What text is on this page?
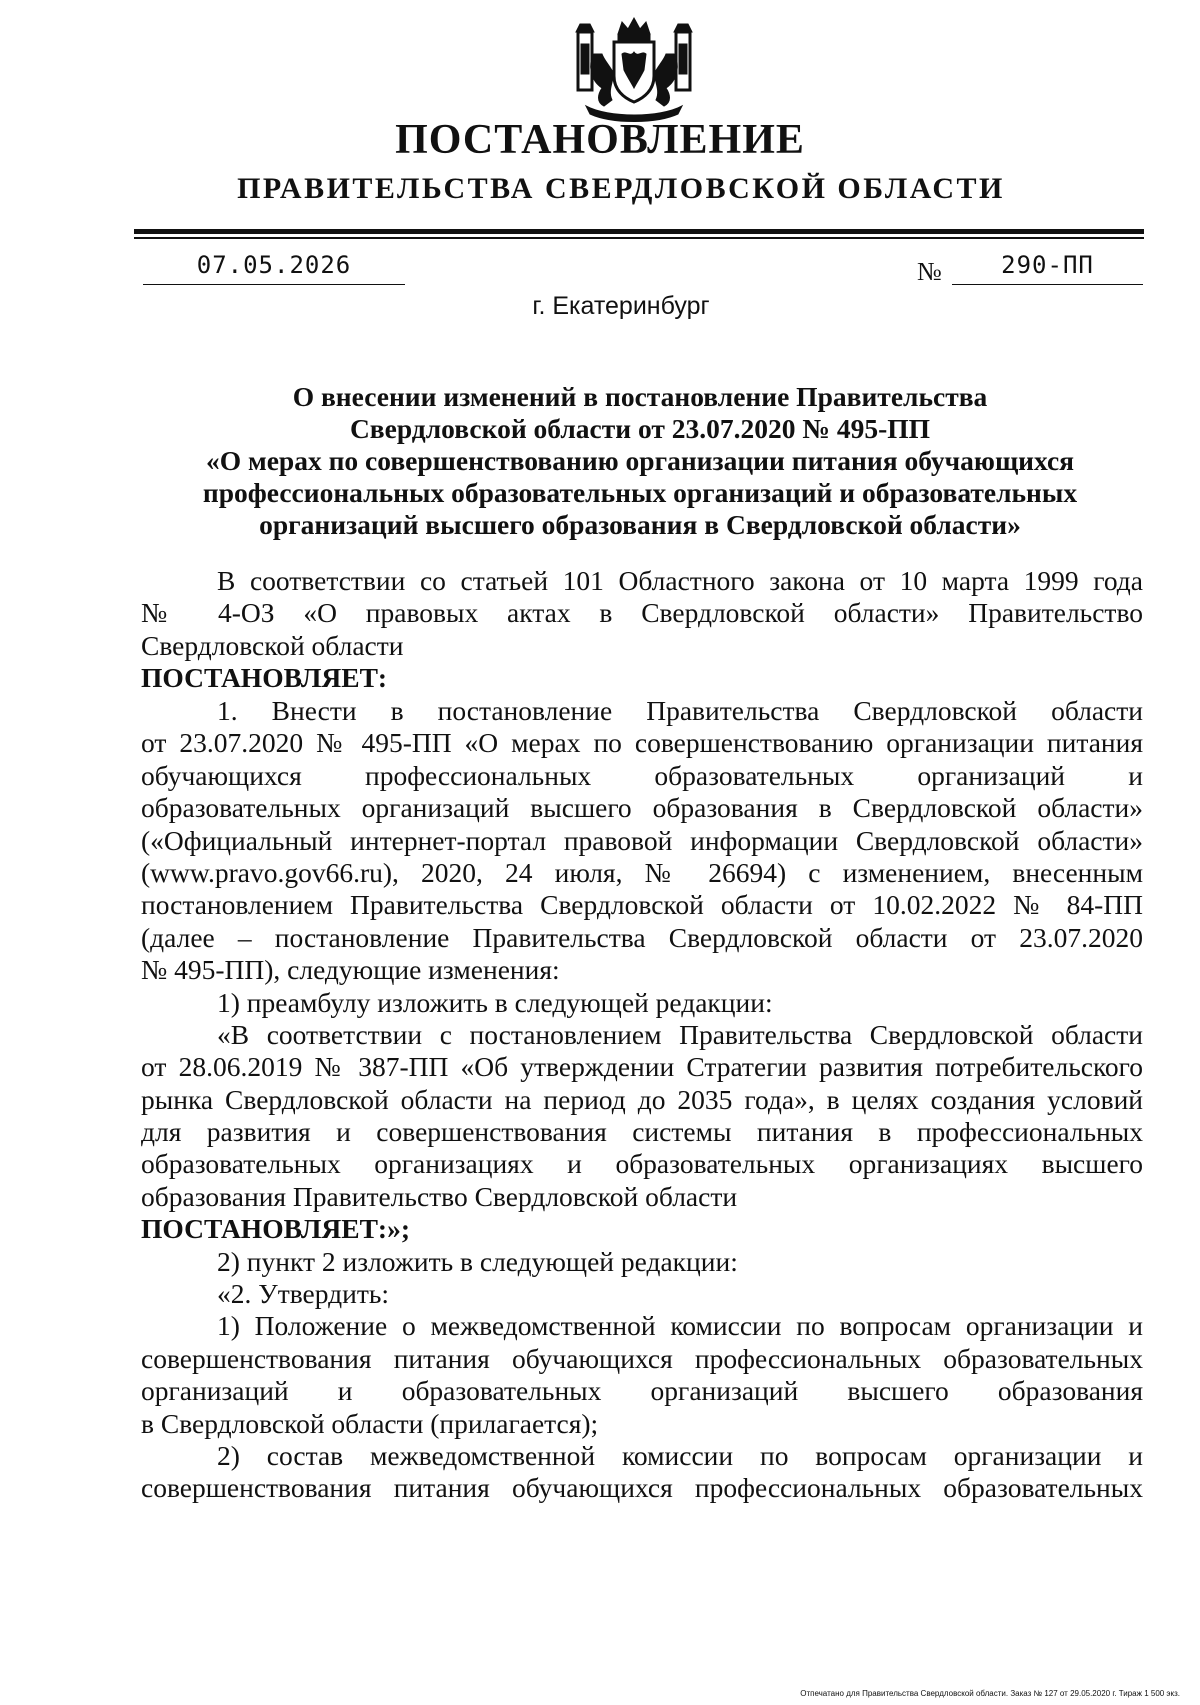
ПОСТАНОВЛЕНИЕ
ПРАВИТЕЛЬСТВА СВЕРДЛОВСКОЙ ОБЛАСТИ
07.05.2026	№	290-ПП
г. Екатеринбург
О внесении изменений в постановление Правительства
Свердловской области от 23.07.2020 № 495-ПП
«О мерах по совершенствованию организации питания обучающихся
профессиональных образовательных организаций и образовательных
организаций высшего образования в Свердловской области»
В соответствии со статьей 101 Областного закона от 10 марта 1999 года
№ 4-ОЗ «О правовых актах в Свердловской области» Правительство
Свердловской области
ПОСТАНОВЛЯЕТ:
1. Внести в постановление Правительства Свердловской области
от 23.07.2020 № 495-ПП «О мерах по совершенствованию организации питания
обучающихся профессиональных образовательных организаций и
образовательных организаций высшего образования в Свердловской области»
(«Официальный интернет-портал правовой информации Свердловской области»
(www.pravo.gov66.ru), 2020, 24 июля, № 26694) с изменением, внесенным
постановлением Правительства Свердловской области от 10.02.2022 № 84-ПП
(далее – постановление Правительства Свердловской области от 23.07.2020
№ 495-ПП), следующие изменения:
1) преамбулу изложить в следующей редакции:
«В соответствии с постановлением Правительства Свердловской области
от 28.06.2019 № 387-ПП «Об утверждении Стратегии развития потребительского
рынка Свердловской области на период до 2035 года», в целях создания условий
для развития и совершенствования системы питания в профессиональных
образовательных организациях и образовательных организациях высшего
образования Правительство Свердловской области
ПОСТАНОВЛЯЕТ:»;
2) пункт 2 изложить в следующей редакции:
«2. Утвердить:
1) Положение о межведомственной комиссии по вопросам организации и
совершенствования питания обучающихся профессиональных образовательных
организаций и образовательных организаций высшего образования
в Свердловской области (прилагается);
2) состав межведомственной комиссии по вопросам организации и
совершенствования питания обучающихся профессиональных образовательных
Отпечатано для Правительства Свердловской области. Заказ № 127 от 29.05.2020 г. Тираж 1 500 экз.
